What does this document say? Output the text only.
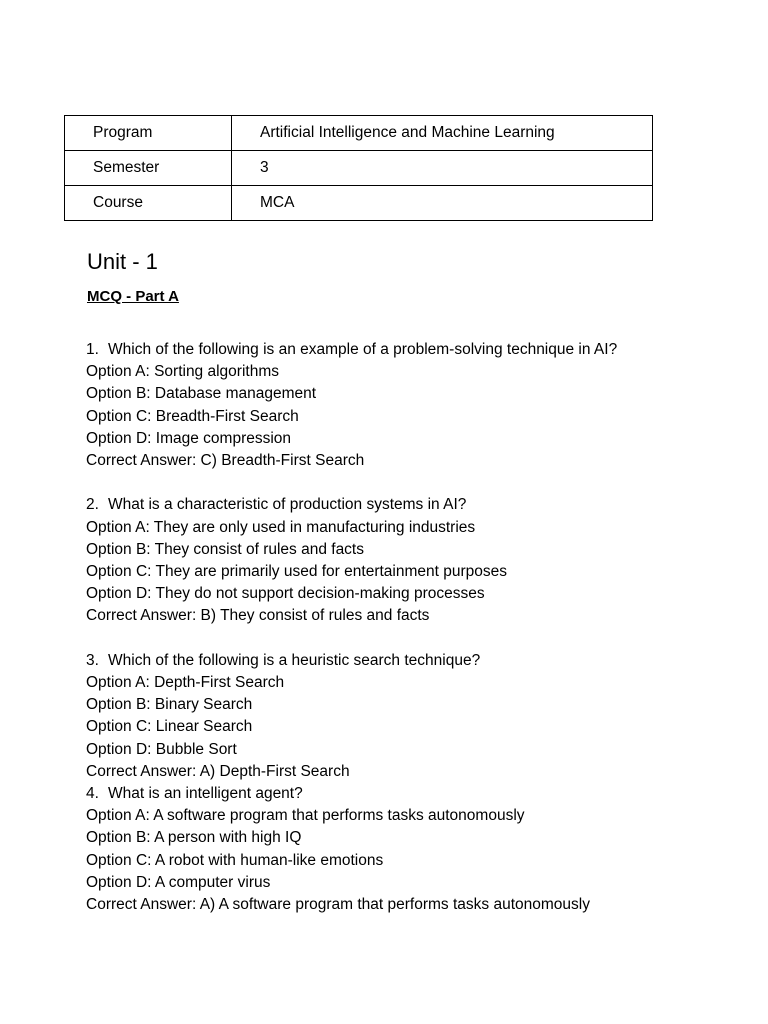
Program	Artificial Intelligence and Machine Learning
Semester	3
Course	MCA
Unit - 1
MCQ - Part A
1. Which of the following is an example of a problem-solving technique in AI?
Option A: Sorting algorithms
Option B: Database management
Option C: Breadth-First Search
Option D: Image compression
Correct Answer: C) Breadth-First Search
2. What is a characteristic of production systems in AI?
Option A: They are only used in manufacturing industries
Option B: They consist of rules and facts
Option C: They are primarily used for entertainment purposes
Option D: They do not support decision-making processes
Correct Answer: B) They consist of rules and facts
3. Which of the following is a heuristic search technique?
Option A: Depth-First Search
Option B: Binary Search
Option C: Linear Search
Option D: Bubble Sort
Correct Answer: A) Depth-First Search
4. What is an intelligent agent?
Option A: A software program that performs tasks autonomously
Option B: A person with high IQ
Option C: A robot with human-like emotions
Option D: A computer virus
Correct Answer: A) A software program that performs tasks autonomously
